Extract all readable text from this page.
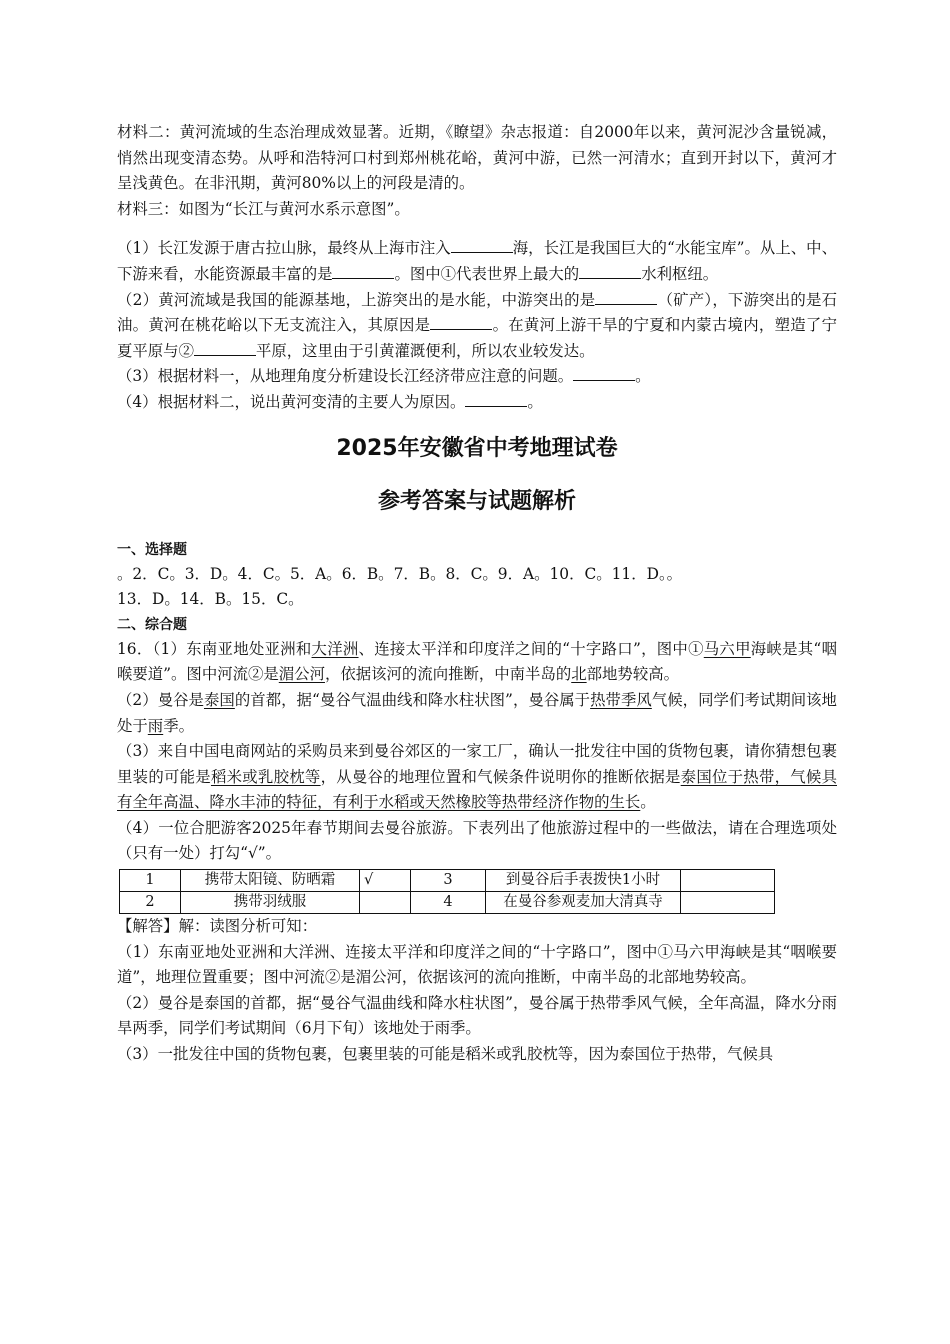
材料二：黄河流域的生态治理成效显著。近期，《瞭望》杂志报道：自2000年以来，黄河泥沙含量锐减，悄然出现变清态势。从呼和浩特河口村到郑州桃花峪，黄河中游，已然一河清水；直到开封以下，黄河才呈浅黄色。在非汛期，黄河80%以上的河段是清的。

材料三：如图为“长江与黄河水系示意图”。

（1）长江发源于唐古拉山脉，最终从上海市注入	海，长江是我国巨大的“水能宝库”。从上、中、下游来看，水能资源最丰富的是	。图中①代表世界上最大的	水利枢纽。

（2）黄河流域是我国的能源基地，上游突出的是水能，中游突出的是	（矿产），下游突出的是石油。黄河在桃花峪以下无支流注入，其原因是	。在黄河上游干旱的宁夏和内蒙古境内，塑造了宁夏平原与②	平原，这里由于引黄灌溉便利，所以农业较发达。

（3）根据材料一，从地理角度分析建设长江经济带应注意的问题。	。

（4）根据材料二，说出黄河变清的主要人为原因。	。

2025年安徽省中考地理试卷

参考答案与试题解析

一、选择题

。2．C。3．D。4．C。5．A。6．B。7．B。8．C。9．A。10．C。11．D。。

13．D。14．B。15．C。

二、综合题

16．（1）东南亚地处亚洲和大洋洲、连接太平洋和印度洋之间的“十字路口”，图中①马六甲海峡是其“咽喉要道”。图中河流②是湄公河，依据该河的流向推断，中南半岛的北部地势较高。

（2）曼谷是泰国的首都，据“曼谷气温曲线和降水柱状图”，曼谷属于热带季风气候，同学们考试期间该地处于雨季。

（3）来自中国电商网站的采购员来到曼谷郊区的一家工厂，确认一批发往中国的货物包裹，请你猜想包裹里装的可能是稻米或乳胶枕等，从曼谷的地理位置和气候条件说明你的推断依据是泰国位于热带，气候具有全年高温、降水丰沛的特征，有利于水稻或天然橡胶等热带经济作物的生长。

（4）一位合肥游客2025年春节期间去曼谷旅游。下表列出了他旅游过程中的一些做法，请在合理选项处（只有一处）打勾“√”。

1	携带太阳镜、防晒霜	√	3	到曼谷后手表拨快1小时	
2	携带羽绒服		4	在曼谷参观麦加大清真寺	

【解答】解：读图分析可知：

（1）东南亚地处亚洲和大洋洲、连接太平洋和印度洋之间的“十字路口”，图中①马六甲海峡是其“咽喉要道”，地理位置重要；图中河流②是湄公河，依据该河的流向推断，中南半岛的北部地势较高。

（2）曼谷是泰国的首都，据“曼谷气温曲线和降水柱状图”，曼谷属于热带季风气候，全年高温，降水分雨旱两季，同学们考试期间（6月下旬）该地处于雨季。

（3）一批发往中国的货物包裹，包裹里装的可能是稻米或乳胶枕等，因为泰国位于热带，气候具
